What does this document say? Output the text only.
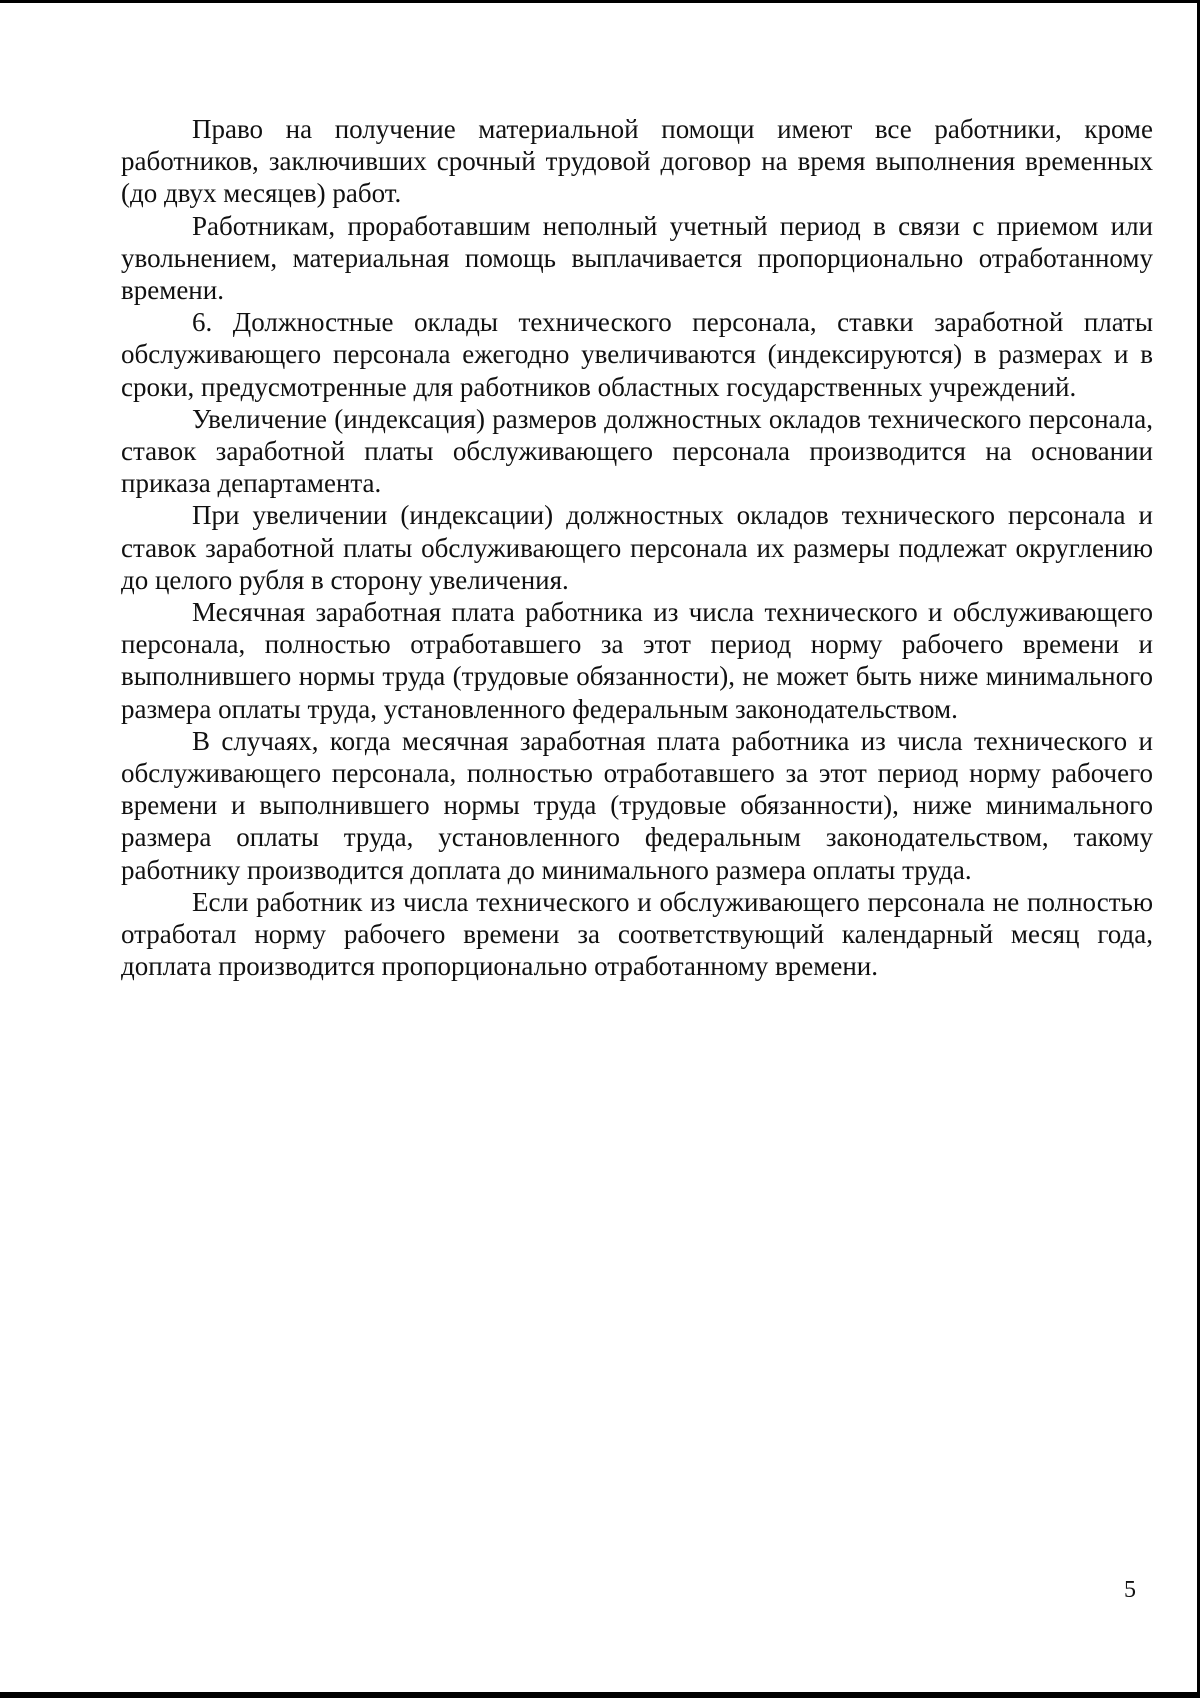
Право на получение материальной помощи имеют все работники, кроме работников, заключивших срочный трудовой договор на время выполнения временных (до двух месяцев) работ.

Работникам, проработавшим неполный учетный период в связи с приемом или увольнением, материальная помощь выплачивается пропорционально отработанному времени.

6. Должностные оклады технического персонала, ставки заработной платы обслуживающего персонала ежегодно увеличиваются (индексируются) в размерах и в сроки, предусмотренные для работников областных государственных учреждений.

Увеличение (индексация) размеров должностных окладов технического персонала, ставок заработной платы обслуживающего персонала производится на основании приказа департамента.

При увеличении (индексации) должностных окладов технического персонала и ставок заработной платы обслуживающего персонала их размеры подлежат округлению до целого рубля в сторону увеличения.

Месячная заработная плата работника из числа технического и обслуживающего персонала, полностью отработавшего за этот период норму рабочего времени и выполнившего нормы труда (трудовые обязанности), не может быть ниже минимального размера оплаты труда, установленного федеральным законодательством.

В случаях, когда месячная заработная плата работника из числа технического и обслуживающего персонала, полностью отработавшего за этот период норму рабочего времени и выполнившего нормы труда (трудовые обязанности), ниже минимального размера оплаты труда, установленного федеральным законодательством, такому работнику производится доплата до минимального размера оплаты труда.

Если работник из числа технического и обслуживающего персонала не полностью отработал норму рабочего времени за соответствующий календарный месяц года, доплата производится пропорционально отработанному времени.

5
